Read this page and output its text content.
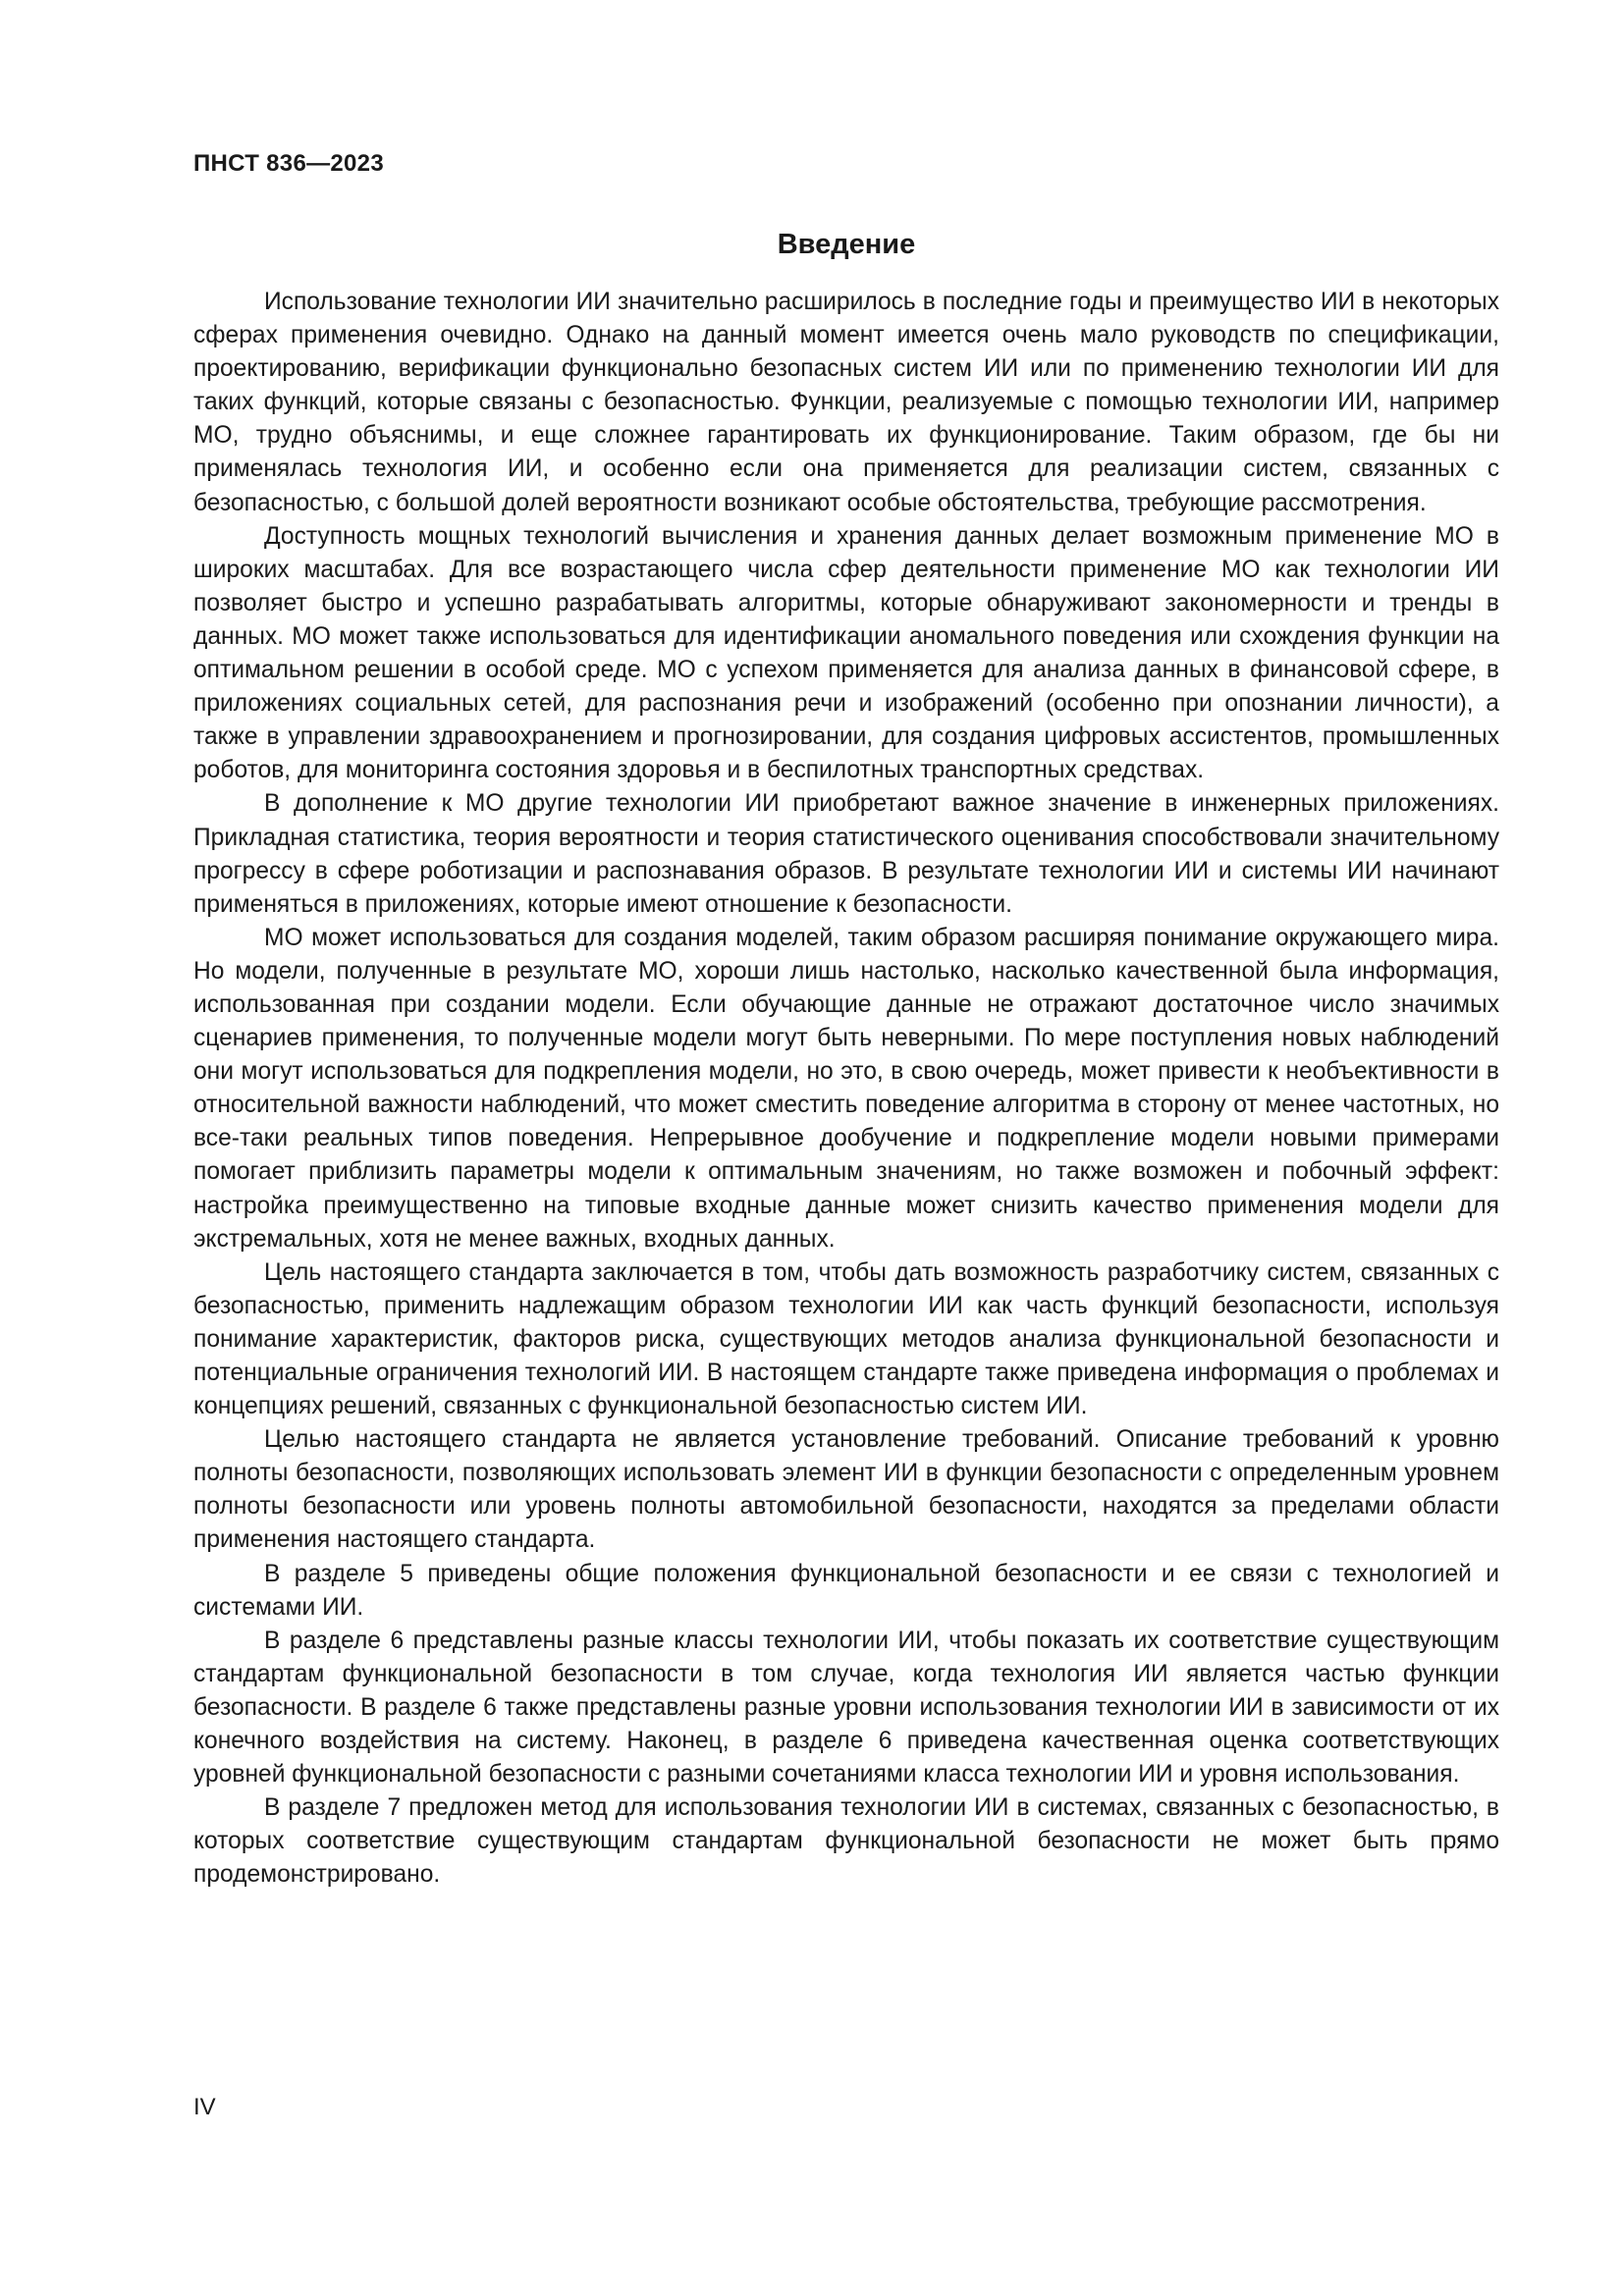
ПНСТ 836—2023
Введение

Использование технологии ИИ значительно расширилось в последние годы и преимущество ИИ в некоторых сферах применения очевидно. Однако на данный момент имеется очень мало руководств по спецификации, проектированию, верификации функционально безопасных систем ИИ или по применению технологии ИИ для таких функций, которые связаны с безопасностью. Функции, реализуемые с помощью технологии ИИ, например МО, трудно объяснимы, и еще сложнее гарантировать их функционирование. Таким образом, где бы ни применялась технология ИИ, и особенно если она применяется для реализации систем, связанных с безопасностью, с большой долей вероятности возникают особые обстоятельства, требующие рассмотрения.

Доступность мощных технологий вычисления и хранения данных делает возможным применение МО в широких масштабах. Для все возрастающего числа сфер деятельности применение МО как технологии ИИ позволяет быстро и успешно разрабатывать алгоритмы, которые обнаруживают закономерности и тренды в данных. МО может также использоваться для идентификации аномального поведения или схождения функции на оптимальном решении в особой среде. МО с успехом применяется для анализа данных в финансовой сфере, в приложениях социальных сетей, для распознания речи и изображений (особенно при опознании личности), а также в управлении здравоохранением и прогнозировании, для создания цифровых ассистентов, промышленных роботов, для мониторинга состояния здоровья и в беспилотных транспортных средствах.

В дополнение к МО другие технологии ИИ приобретают важное значение в инженерных приложениях. Прикладная статистика, теория вероятности и теория статистического оценивания способствовали значительному прогрессу в сфере роботизации и распознавания образов. В результате технологии ИИ и системы ИИ начинают применяться в приложениях, которые имеют отношение к безопасности.

МО может использоваться для создания моделей, таким образом расширяя понимание окружающего мира. Но модели, полученные в результате МО, хороши лишь настолько, насколько качественной была информация, использованная при создании модели. Если обучающие данные не отражают достаточное число значимых сценариев применения, то полученные модели могут быть неверными. По мере поступления новых наблюдений они могут использоваться для подкрепления модели, но это, в свою очередь, может привести к необъективности в относительной важности наблюдений, что может сместить поведение алгоритма в сторону от менее частотных, но все-таки реальных типов поведения. Непрерывное дообучение и подкрепление модели новыми примерами помогает приблизить параметры модели к оптимальным значениям, но также возможен и побочный эффект: настройка преимущественно на типовые входные данные может снизить качество применения модели для экстремальных, хотя не менее важных, входных данных.

Цель настоящего стандарта заключается в том, чтобы дать возможность разработчику систем, связанных с безопасностью, применить надлежащим образом технологии ИИ как часть функций безопасности, используя понимание характеристик, факторов риска, существующих методов анализа функциональной безопасности и потенциальные ограничения технологий ИИ. В настоящем стандарте также приведена информация о проблемах и концепциях решений, связанных с функциональной безопасностью систем ИИ.

Целью настоящего стандарта не является установление требований. Описание требований к уровню полноты безопасности, позволяющих использовать элемент ИИ в функции безопасности с определенным уровнем полноты безопасности или уровень полноты автомобильной безопасности, находятся за пределами области применения настоящего стандарта.

В разделе 5 приведены общие положения функциональной безопасности и ее связи с технологией и системами ИИ.

В разделе 6 представлены разные классы технологии ИИ, чтобы показать их соответствие существующим стандартам функциональной безопасности в том случае, когда технология ИИ является частью функции безопасности. В разделе 6 также представлены разные уровни использования технологии ИИ в зависимости от их конечного воздействия на систему. Наконец, в разделе 6 приведена качественная оценка соответствующих уровней функциональной безопасности с разными сочетаниями класса технологии ИИ и уровня использования.

В разделе 7 предложен метод для использования технологии ИИ в системах, связанных с безопасностью, в которых соответствие существующим стандартам функциональной безопасности не может быть прямо продемонстрировано.

IV
